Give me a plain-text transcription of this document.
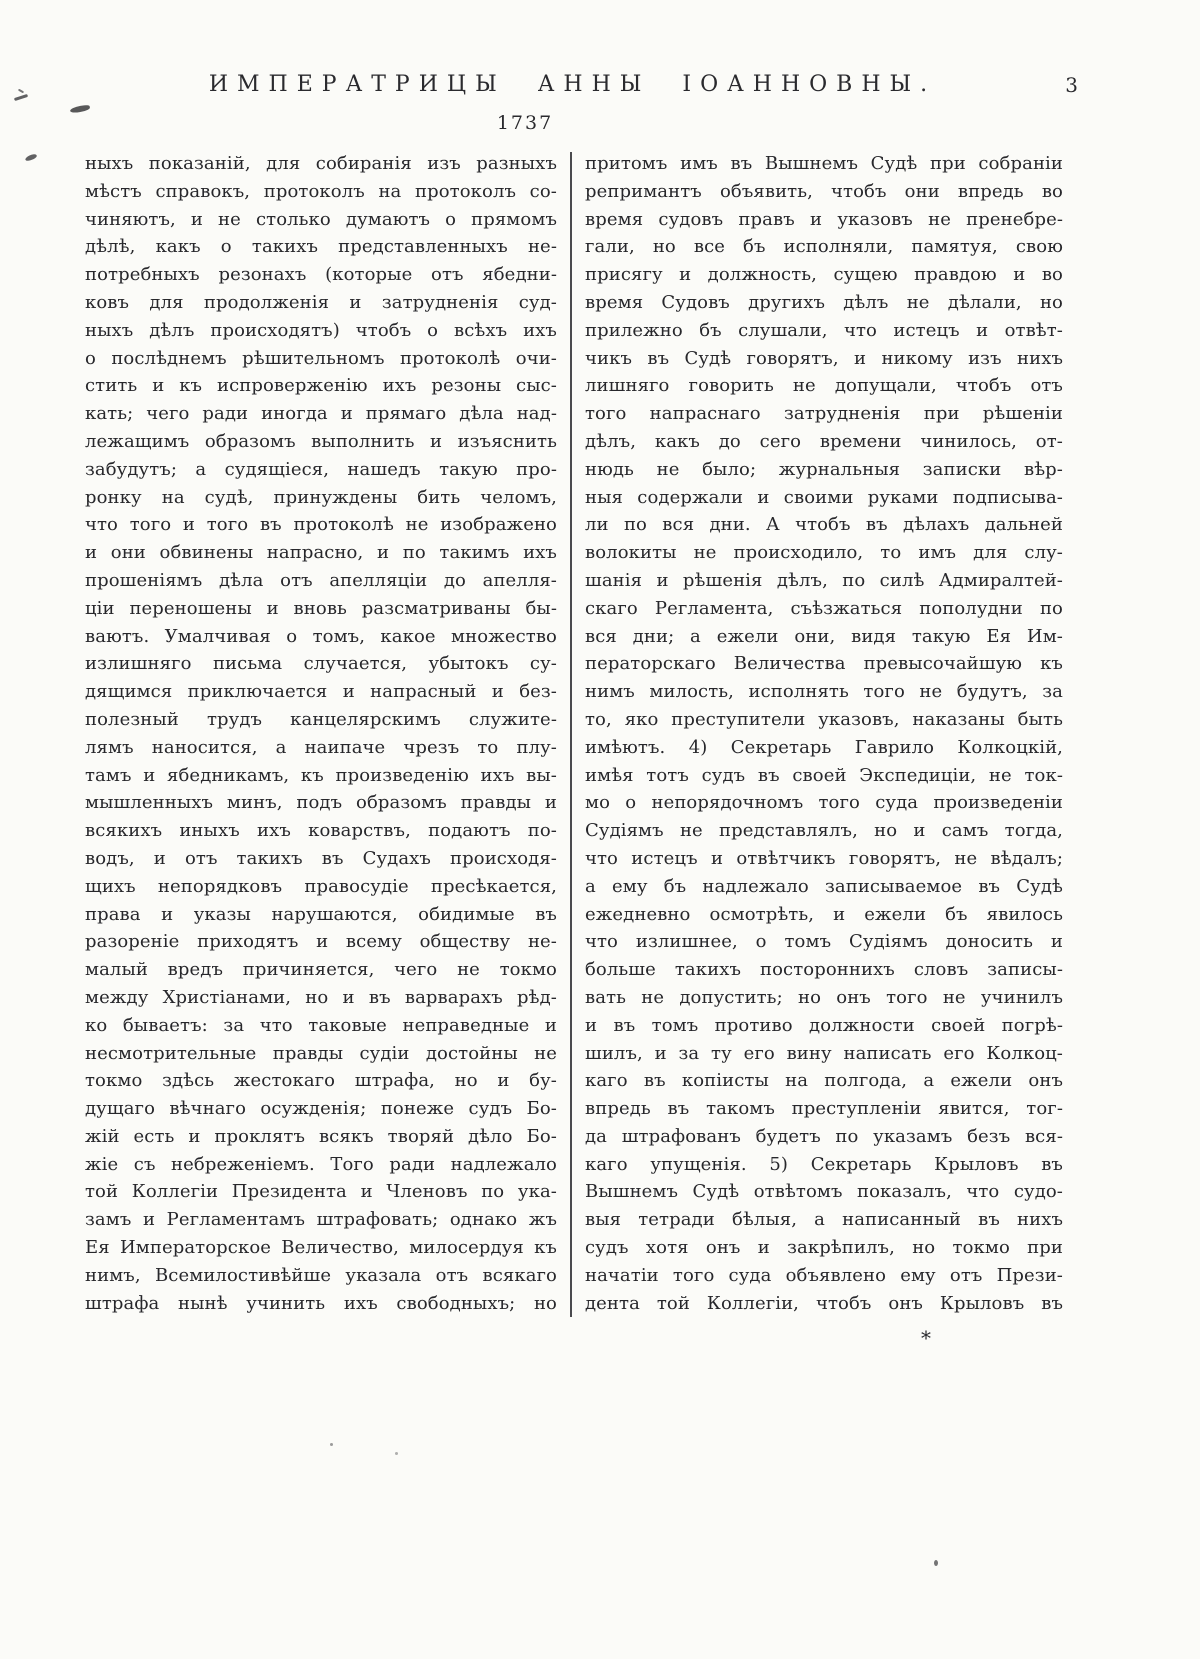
ИМПЕРАТРИЦЫ АННЫ ІОАННОВНЫ.	3
1737
ныхъ показаній, для собиранія изъ разныхъ
мѣстъ справокъ, протоколъ на протоколъ со-
чиняютъ, и не столько думаютъ о прямомъ
дѣлѣ, какъ о такихъ представленныхъ не-
потребныхъ резонахъ (которые отъ ябедни-
ковъ для продолженія и затрудненія суд-
ныхъ дѣлъ происходятъ) чтобъ о всѣхъ ихъ
о послѣднемъ рѣшительномъ протоколѣ очи-
стить и къ испроверженію ихъ резоны сыс-
кать; чего ради иногда и прямаго дѣла над-
лежащимъ образомъ выполнить и изъяснить
забудутъ; а судящіеся, нашедъ такую про-
ронку на судѣ, принуждены бить челомъ,
что того и того въ протоколѣ не изображено
и они обвинены напрасно, и по такимъ ихъ
прошеніямъ дѣла отъ апелляціи до апелля-
ціи переношены и вновь разсматриваны бы-
ваютъ. Умалчивая о томъ, какое множество
излишняго письма случается, убытокъ су-
дящимся приключается и напрасный и без-
полезный трудъ канцелярскимъ служите-
лямъ наносится, а наипаче чрезъ то плу-
тамъ и ябедникамъ, къ произведенію ихъ вы-
мышленныхъ минъ, подъ образомъ правды и
всякихъ иныхъ ихъ коварствъ, подаютъ по-
водъ, и отъ такихъ въ Судахъ происходя-
щихъ непорядковъ правосудіе пресѣкается,
права и указы нарушаются, обидимые въ
разореніе приходятъ и всему обществу не-
малый вредъ причиняется, чего не токмо
между Христіанами, но и въ варварахъ рѣд-
ко бываетъ: за что таковые неправедные и
несмотрительные правды судіи достойны не
токмо здѣсь жестокаго штрафа, но и бу-
дущаго вѣчнаго осужденія; понеже судъ Бо-
жій есть и проклятъ всякъ творяй дѣло Бо-
жіе съ небреженіемъ. Того ради надлежало
той Коллегіи Президента и Членовъ по ука-
замъ и Регламентамъ штрафовать; однако жъ
Ея Императорское Величество, милосердуя къ
нимъ, Всемилостивѣйше указала отъ всякаго
штрафа нынѣ учинить ихъ свободныхъ; но
притомъ имъ въ Вышнемъ Судѣ при собраніи
репримантъ объявить, чтобъ они впредь во
время судовъ правъ и указовъ не пренебре-
гали, но все бъ исполняли, памятуя, свою
присягу и должность, сущею правдою и во
время Судовъ другихъ дѣлъ не дѣлали, но
прилежно бъ слушали, что истецъ и отвѣт-
чикъ въ Судѣ говорятъ, и никому изъ нихъ
лишняго говорить не допущали, чтобъ отъ
того напраснаго затрудненія при рѣшеніи
дѣлъ, какъ до сего времени чинилось, от-
нюдь не было; журнальныя записки вѣр-
ныя содержали и своими руками подписыва-
ли по вся дни. А чтобъ въ дѣлахъ дальней
волокиты не происходило, то имъ для слу-
шанія и рѣшенія дѣлъ, по силѣ Адмиралтей-
скаго Регламента, съѣзжаться пополудни по
вся дни; а ежели они, видя такую Ея Им-
ператорскаго Величества превысочайшую къ
нимъ милость, исполнять того не будутъ, за
то, яко преступители указовъ, наказаны быть
имѣютъ. 4) Секретарь Гаврило Колкоцкій,
имѣя тотъ судъ въ своей Экспедиціи, не ток-
мо о непорядочномъ того суда произведеніи
Судіямъ не представлялъ, но и самъ тогда,
что истецъ и отвѣтчикъ говорятъ, не вѣдалъ;
а ему бъ надлежало записываемое въ Судѣ
ежедневно осмотрѣть, и ежели бъ явилось
что излишнее, о томъ Судіямъ доносить и
больше такихъ постороннихъ словъ записы-
вать не допустить; но онъ того не учинилъ
и въ томъ противо должности своей погрѣ-
шилъ, и за ту его вину написать его Колкоц-
каго въ копіисты на полгода, а ежели онъ
впредь въ такомъ преступленіи явится, тог-
да штрафованъ будетъ по указамъ безъ вся-
каго упущенія. 5) Секретарь Крыловъ въ
Вышнемъ Судѣ отвѣтомъ показалъ, что судо-
выя тетради бѣлыя, а написанный въ нихъ
судъ хотя онъ и закрѣпилъ, но токмо при
начатіи того суда объявлено ему отъ Прези-
дента той Коллегіи, чтобъ онъ Крыловъ въ
*
